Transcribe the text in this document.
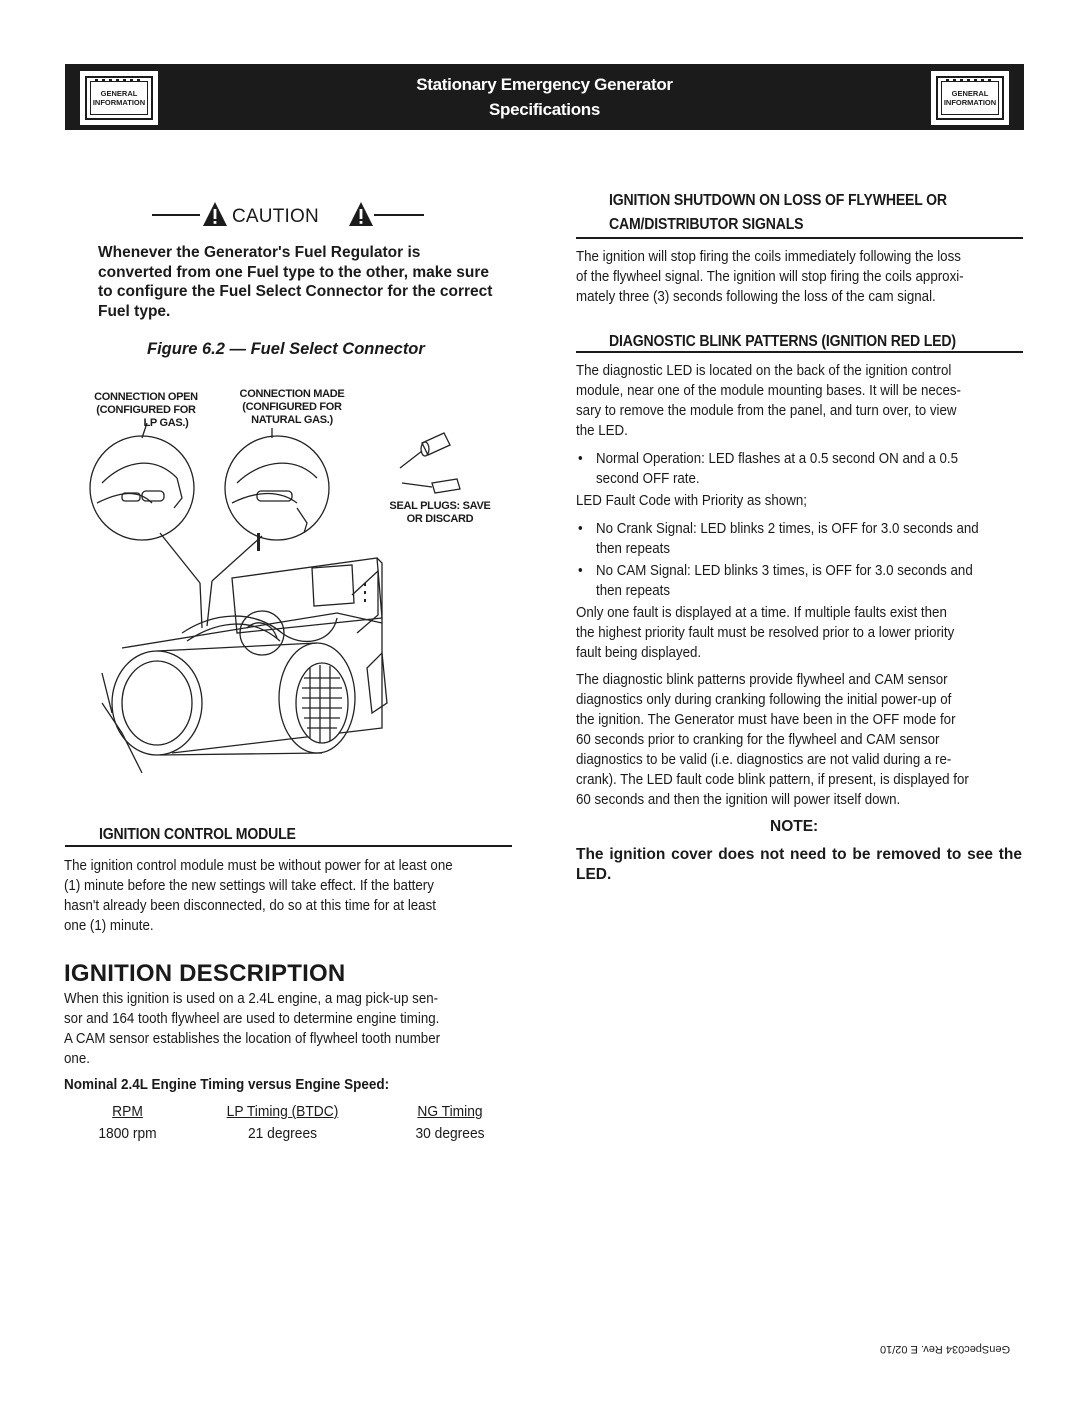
GENERAL INFORMATION
Stationary Emergency Generator
Specifications
GENERAL INFORMATION
CAUTION
Whenever the Generator's Fuel Regulator is converted from one Fuel type to the other, make sure to configure the Fuel Select Connector for the correct Fuel type.
Figure 6.2 — Fuel Select Connector
CONNECTION OPEN
(CONFIGURED FOR
LP GAS.)
CONNECTION MADE
(CONFIGURED FOR
NATURAL GAS.)
SEAL PLUGS: SAVE
OR DISCARD
IGNITION CONTROL MODULE
The ignition control module must be without power for at least one
(1) minute before the new settings will take effect. If the battery
hasn't already been disconnected, do so at this time for at least
one (1) minute.
IGNITION DESCRIPTION
When this ignition is used on a 2.4L engine, a mag pick-up sen-
sor and 164 tooth flywheel are used to determine engine timing.
A CAM sensor establishes the location of flywheel tooth number
one.
Nominal 2.4L Engine Timing versus Engine Speed:
RPM	LP Timing (BTDC)	NG Timing
1800 rpm	21 degrees	30 degrees
IGNITION SHUTDOWN ON LOSS OF FLYWHEEL OR
CAM/DISTRIBUTOR SIGNALS
The ignition will stop firing the coils immediately following the loss
of the flywheel signal. The ignition will stop firing the coils approxi-
mately three (3) seconds following the loss of the cam signal.
DIAGNOSTIC BLINK PATTERNS (IGNITION RED LED)
The diagnostic LED is located on the back of the ignition control
module, near one of the module mounting bases. It will be neces-
sary to remove the module from the panel, and turn over, to view
the LED.
• Normal Operation: LED flashes at a 0.5 second ON and a 0.5
second OFF rate.
LED Fault Code with Priority as shown;
• No Crank Signal: LED blinks 2 times, is OFF for 3.0 seconds and
then repeats
• No CAM Signal: LED blinks 3 times, is OFF for 3.0 seconds and
then repeats
Only one fault is displayed at a time. If multiple faults exist then
the highest priority fault must be resolved prior to a lower priority
fault being displayed.
The diagnostic blink patterns provide flywheel and CAM sensor
diagnostics only during cranking following the initial power-up of
the ignition. The Generator must have been in the OFF mode for
60 seconds prior to cranking for the flywheel and CAM sensor
diagnostics to be valid (i.e. diagnostics are not valid during a re-
crank). The LED fault code blink pattern, if present, is displayed for
60 seconds and then the ignition will power itself down.
NOTE:
The ignition cover does not need to be removed to see the LED.
GenSpec034 Rev. E 02/10
